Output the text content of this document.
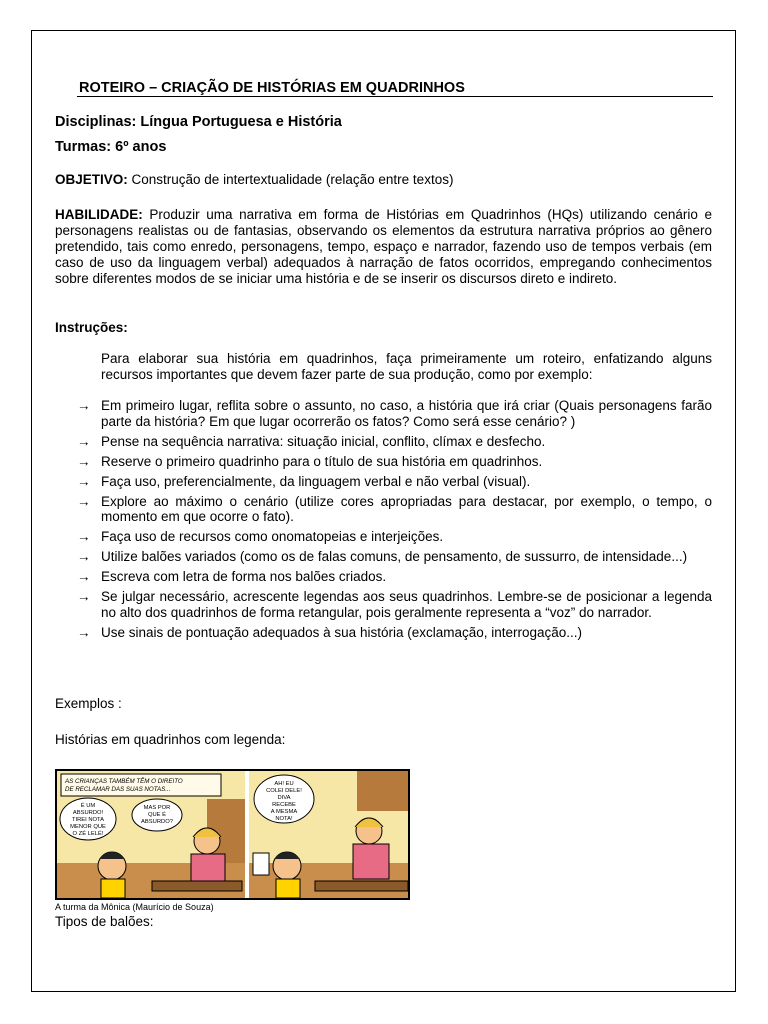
ROTEIRO – CRIAÇÃO DE HISTÓRIAS EM QUADRINHOS
Disciplinas: Língua Portuguesa e História
Turmas: 6º anos
OBJETIVO: Construção de intertextualidade (relação entre textos)
HABILIDADE: Produzir uma narrativa em forma de Histórias em Quadrinhos (HQs) utilizando cenário e personagens realistas ou de fantasias, observando os elementos da estrutura narrativa próprios ao gênero pretendido, tais como enredo, personagens, tempo, espaço e narrador, fazendo uso de tempos verbais (em caso de uso da linguagem verbal) adequados à narração de fatos ocorridos, empregando conhecimentos sobre diferentes modos de se iniciar uma história e de se inserir os discursos direto e indireto.
Instruções:
Para elaborar sua história em quadrinhos, faça primeiramente um roteiro, enfatizando alguns recursos importantes que devem fazer parte de sua produção, como por exemplo:
→ Em primeiro lugar, reflita sobre o assunto, no caso, a história que irá criar (Quais personagens farão parte da história? Em que lugar ocorrerão os fatos? Como será esse cenário? )
→ Pense na sequência narrativa: situação inicial, conflito, clímax e desfecho.
→ Reserve o primeiro quadrinho para o título de sua história em quadrinhos.
→ Faça uso, preferencialmente, da linguagem verbal e não verbal (visual).
→ Explore ao máximo o cenário (utilize cores apropriadas para destacar, por exemplo, o tempo, o momento em que ocorre o fato).
→ Faça uso de recursos como onomatopeias e interjeições.
→ Utilize balões variados (como os de falas comuns, de pensamento, de sussurro, de intensidade...)
→ Escreva com letra de forma nos balões criados.
→ Se julgar necessário, acrescente legendas aos seus quadrinhos. Lembre-se de posicionar a legenda no alto dos quadrinhos de forma retangular, pois geralmente representa a “voz” do narrador.
→ Use sinais de pontuação adequados à sua história (exclamação, interrogação...)
Exemplos :
Histórias em quadrinhos com legenda:
AS CRIANÇAS TAMBÉM TÊM O DIREITO DE RECLAMAR DAS SUAS NOTAS...
É UM ABSURDO! TIREI NOTA MENOR QUE O ZÉ LELÉ!
MAS POR QUE É ABSURDO?
AH! EU COLEI DELE! DIVA RECEBE A MESMA NOTA!
A turma da Mônica (Maurício de Souza)
Tipos de balões:
